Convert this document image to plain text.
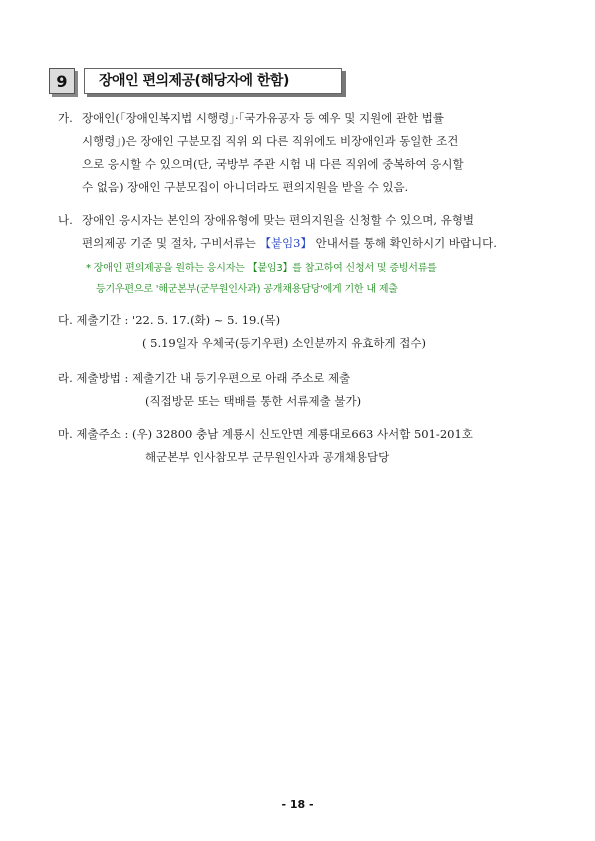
9	장애인 편의제공(해당자에 한함)
가. 장애인(「장애인복지법 시행령」·「국가유공자 등 예우 및 지원에 관한 법률
시행령」)은 장애인 구분모집 직위 외 다른 직위에도 비장애인과 동일한 조건
으로 응시할 수 있으며(단, 국방부 주관 시험 내 다른 직위에 중복하여 응시할
수 없음) 장애인 구분모집이 아니더라도 편의지원을 받을 수 있음.
나. 장애인 응시자는 본인의 장애유형에 맞는 편의지원을 신청할 수 있으며, 유형별
편의제공 기준 및 절차, 구비서류는 【붙임3】 안내서를 통해 확인하시기 바랍니다.
* 장애인 편의제공을 원하는 응시자는 【붙임3】를 참고하여 신청서 및 증빙서류를
등기우편으로 '해군본부(군무원인사과) 공개채용담당'에게 기한 내 제출
다. 제출기간 : '22. 5. 17.(화) ~ 5. 19.(목)
( 5.19일자 우체국(등기우편) 소인분까지 유효하게 접수)
라. 제출방법 : 제출기간 내 등기우편으로 아래 주소로 제출
(직접방문 또는 택배를 통한 서류제출 불가)
마. 제출주소 : (우) 32800 충남 계룡시 신도안면 계룡대로663 사서함 501-201호
해군본부 인사참모부 군무원인사과 공개채용담당
- 18 -
